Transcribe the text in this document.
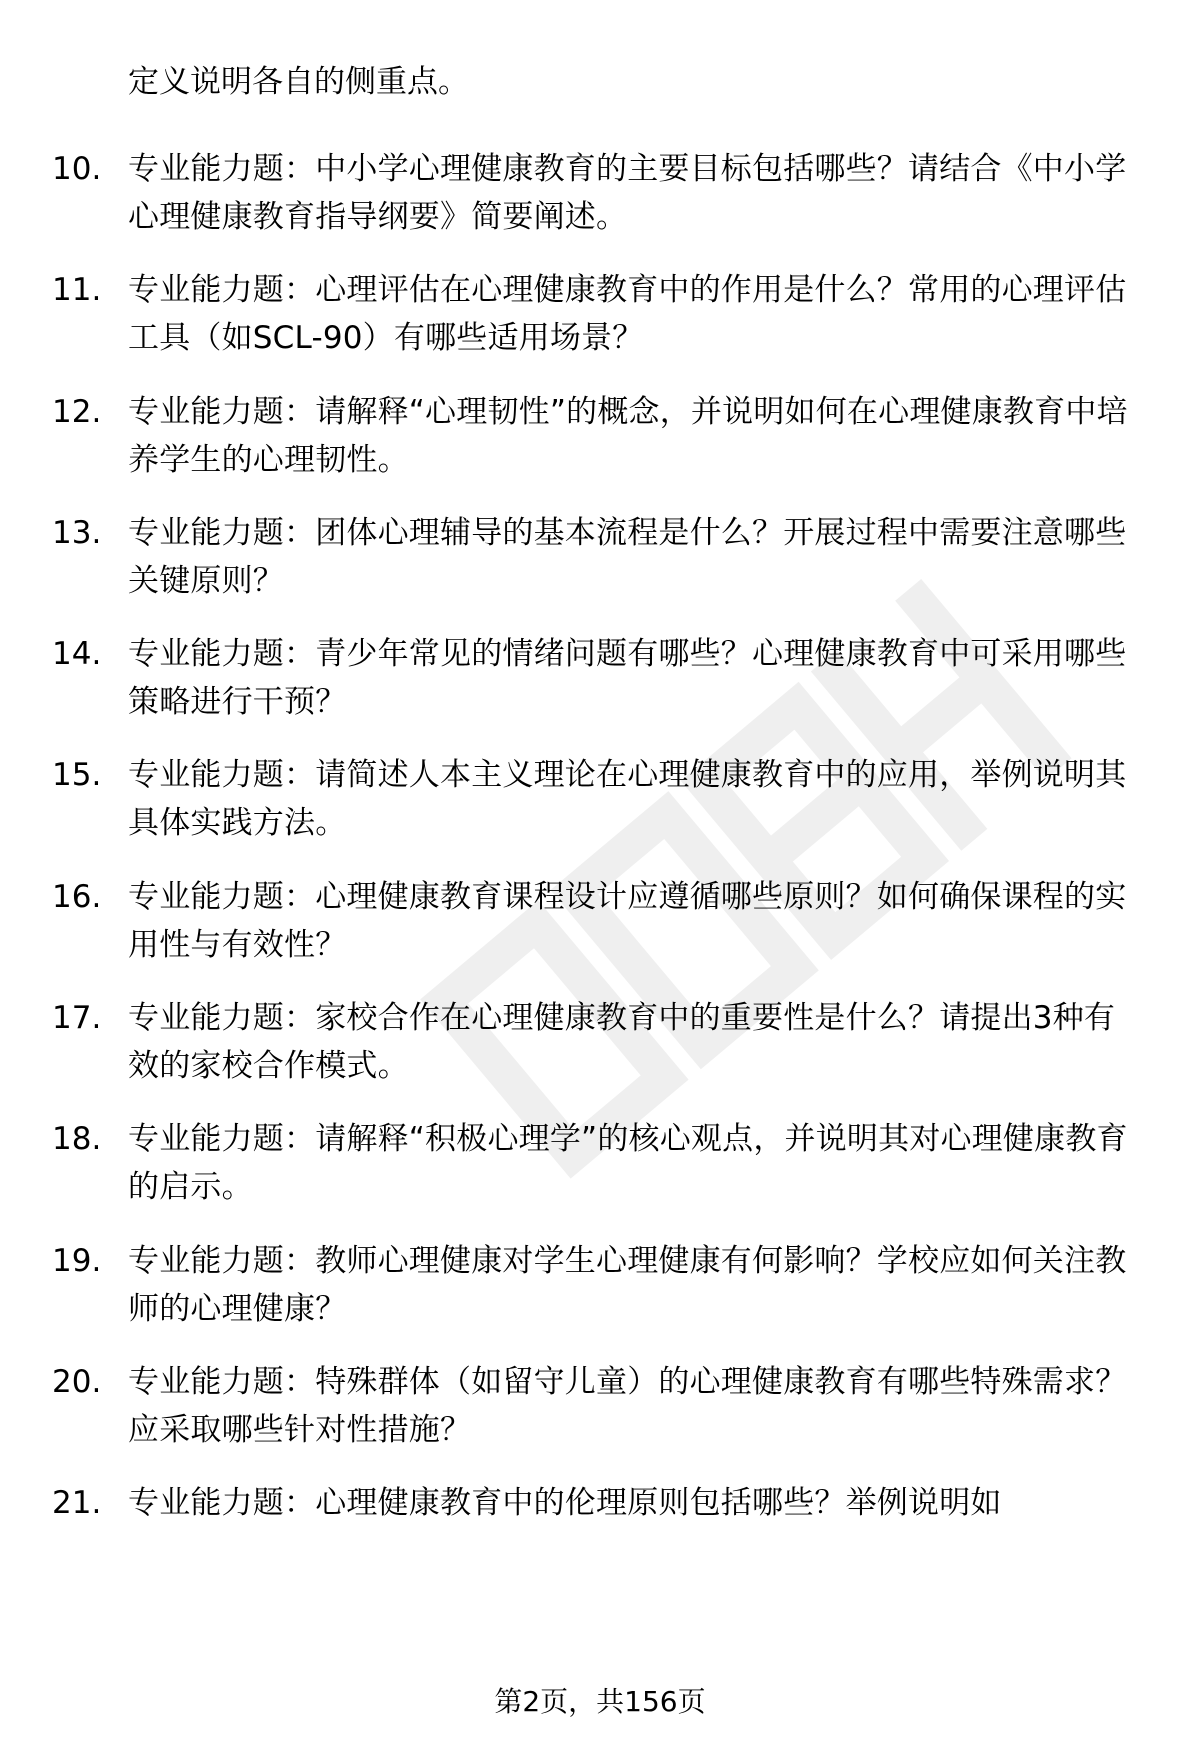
定义说明各自的侧重点。
10. 专业能力题：中小学心理健康教育的主要目标包括哪些？请结合《中小学心理健康教育指导纲要》简要阐述。
11. 专业能力题：心理评估在心理健康教育中的作用是什么？常用的心理评估工具（如SCL-90）有哪些适用场景？
12. 专业能力题：请解释“心理韧性”的概念，并说明如何在心理健康教育中培养学生的心理韧性。
13. 专业能力题：团体心理辅导的基本流程是什么？开展过程中需要注意哪些关键原则？
14. 专业能力题：青少年常见的情绪问题有哪些？心理健康教育中可采用哪些策略进行干预？
15. 专业能力题：请简述人本主义理论在心理健康教育中的应用，举例说明其具体实践方法。
16. 专业能力题：心理健康教育课程设计应遵循哪些原则？如何确保课程的实用性与有效性？
17. 专业能力题：家校合作在心理健康教育中的重要性是什么？请提出3种有效的家校合作模式。
18. 专业能力题：请解释“积极心理学”的核心观点，并说明其对心理健康教育的启示。
19. 专业能力题：教师心理健康对学生心理健康有何影响？学校应如何关注教师的心理健康？
20. 专业能力题：特殊群体（如留守儿童）的心理健康教育有哪些特殊需求？应采取哪些针对性措施？
21. 专业能力题：心理健康教育中的伦理原则包括哪些？举例说明如
第2页，共156页
